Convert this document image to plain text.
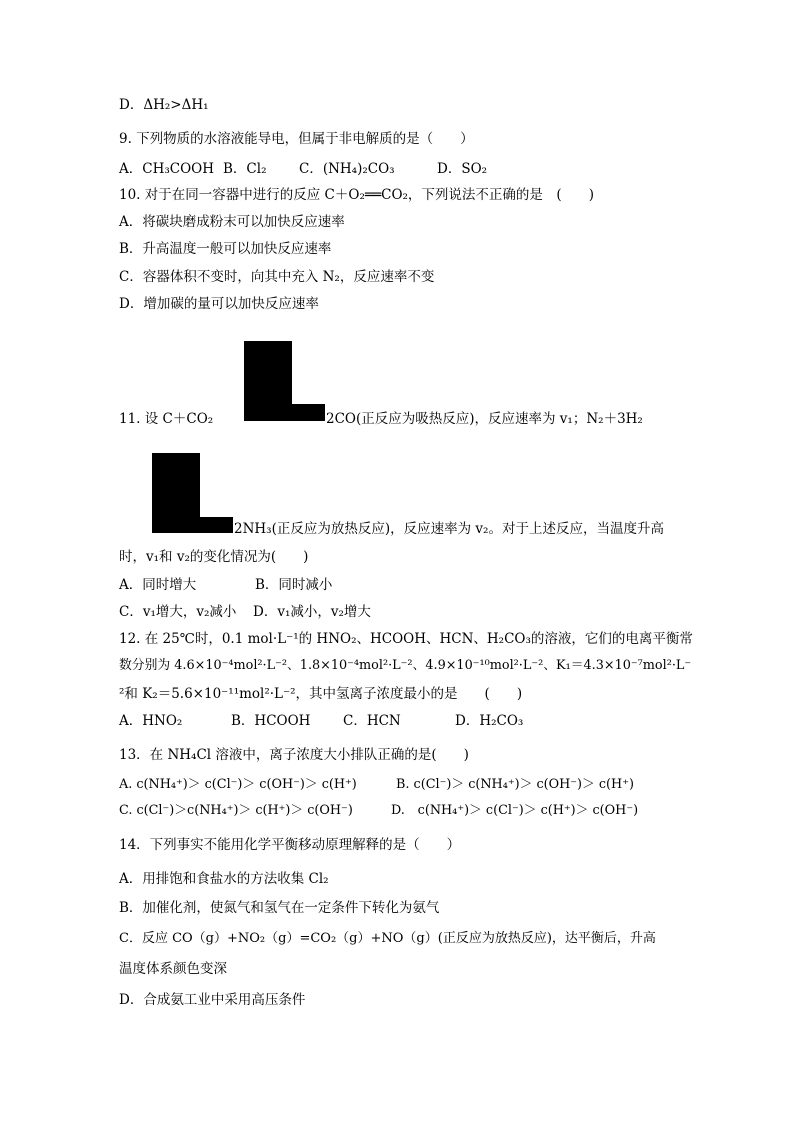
D．ΔH₂>ΔH₁
9. 下列物质的水溶液能导电，但属于非电解质的是（　　）
A．CH₃COOH B．Cl₂ C．(NH₄)₂CO₃	D．SO₂
10. 对于在同一容器中进行的反应 C＋O₂══CO₂，下列说法不正确的是　(　　)
A．将碳块磨成粉末可以加快反应速率
B．升高温度一般可以加快反应速率
C．容器体积不变时，向其中充入 N₂，反应速率不变
D．增加碳的量可以加快反应速率
11. 设 C＋CO₂	2CO(正反应为吸热反应)，反应速率为 v₁；N₂＋3H₂
2NH₃(正反应为放热反应)，反应速率为 v₂。对于上述反应，当温度升高
时，v₁和 v₂的变化情况为(　　)
A．同时增大	B．同时减小
C．v₁增大，v₂减小 D．v₁减小，v₂增大
12. 在 25℃时，0.1 mol·L⁻¹的 HNO₂、HCOOH、HCN、H₂CO₃的溶液，它们的电离平衡常
数分别为 4.6×10⁻⁴mol²·L⁻²、1.8×10⁻⁴mol²·L⁻²、4.9×10⁻¹⁰mol²·L⁻²、K₁＝4.3×10⁻⁷mol²·L⁻
²和 K₂＝5.6×10⁻¹¹mol²·L⁻²，其中氢离子浓度最小的是　　(　　)
A．HNO₂	B．HCOOH C．HCN	D．H₂CO₃
13．在 NH₄Cl 溶液中，离子浓度大小排队正确的是(　　)
A. c(NH₄⁺)＞ c(Cl⁻)＞ c(OH⁻)＞ c(H⁺)	B. c(Cl⁻)＞ c(NH₄⁺)＞ c(OH⁻)＞ c(H⁺)
C. c(Cl⁻)＞c(NH₄⁺)＞ c(H⁺)＞ c(OH⁻)	D.　c(NH₄⁺)＞ c(Cl⁻)＞ c(H⁺)＞ c(OH⁻)
14．下列事实不能用化学平衡移动原理解释的是（　　）
A．用排饱和食盐水的方法收集 Cl₂
B．加催化剂，使氮气和氢气在一定条件下转化为氨气
C．反应 CO（g）+NO₂（g）=CO₂（g）+NO（g）(正反应为放热反应)，达平衡后，升高
温度体系颜色变深
D．合成氨工业中采用高压条件
